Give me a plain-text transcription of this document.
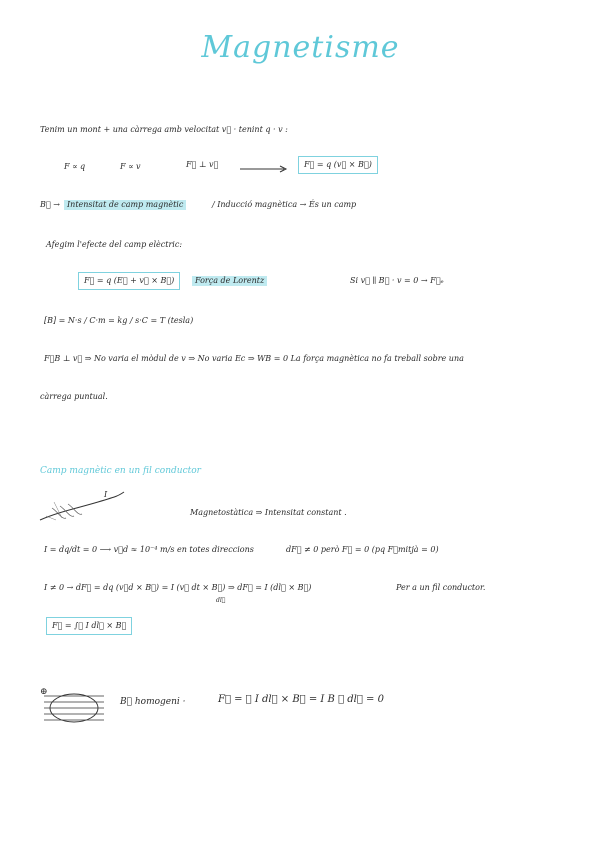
Magnetisme
Tenim un mont + una càrrega amb velocitat v⃗ · tenint q · v :
F ∝ q	F ∝ v	F⃗ ⊥ v⃗	F⃗ = q (v⃗ × B⃗)
B⃗ → Intensitat de camp magnètic	/ Inducció magnètica → És un camp
Afegim l'efecte del camp elèctric:
F⃗ = q (E⃗ + v⃗ × B⃗)	Força de Lorentz	Si v⃗ ∥ B⃗ · v = 0 → F⃗ₑ
[B] = N·s / C·m = kg / s·C = T (tesla)
F⃗B ⊥ v⃗ ⇒ No varia el mòdul de v ⇒ No varia Ec ⇒ WB = 0 La força magnètica no fa treball sobre una
càrrega puntual.
Camp magnètic en un fil conductor
I
Magnetostàtica ⇒ Intensitat constant .
I = dq/dt = 0 ⟶ v⃗d ≈ 10⁻⁴ m/s en totes direccions	dF⃗ ≠ 0 però F⃗ = 0 (pq F⃗mitjà = 0)
I ≠ 0 → dF⃗ = dq (v⃗d × B⃗) = I (v⃗ dt × B⃗) ⇒ dF⃗ = I (dl⃗ × B⃗)
dl⃗
Per a un fil conductor.
F⃗ = ∫꜀ I dl⃗ × B⃗
⊕
B⃗ homogeni ·	F⃗ = ∮ I dl⃗ × B⃗ = I B ∮ dl⃗ = 0
